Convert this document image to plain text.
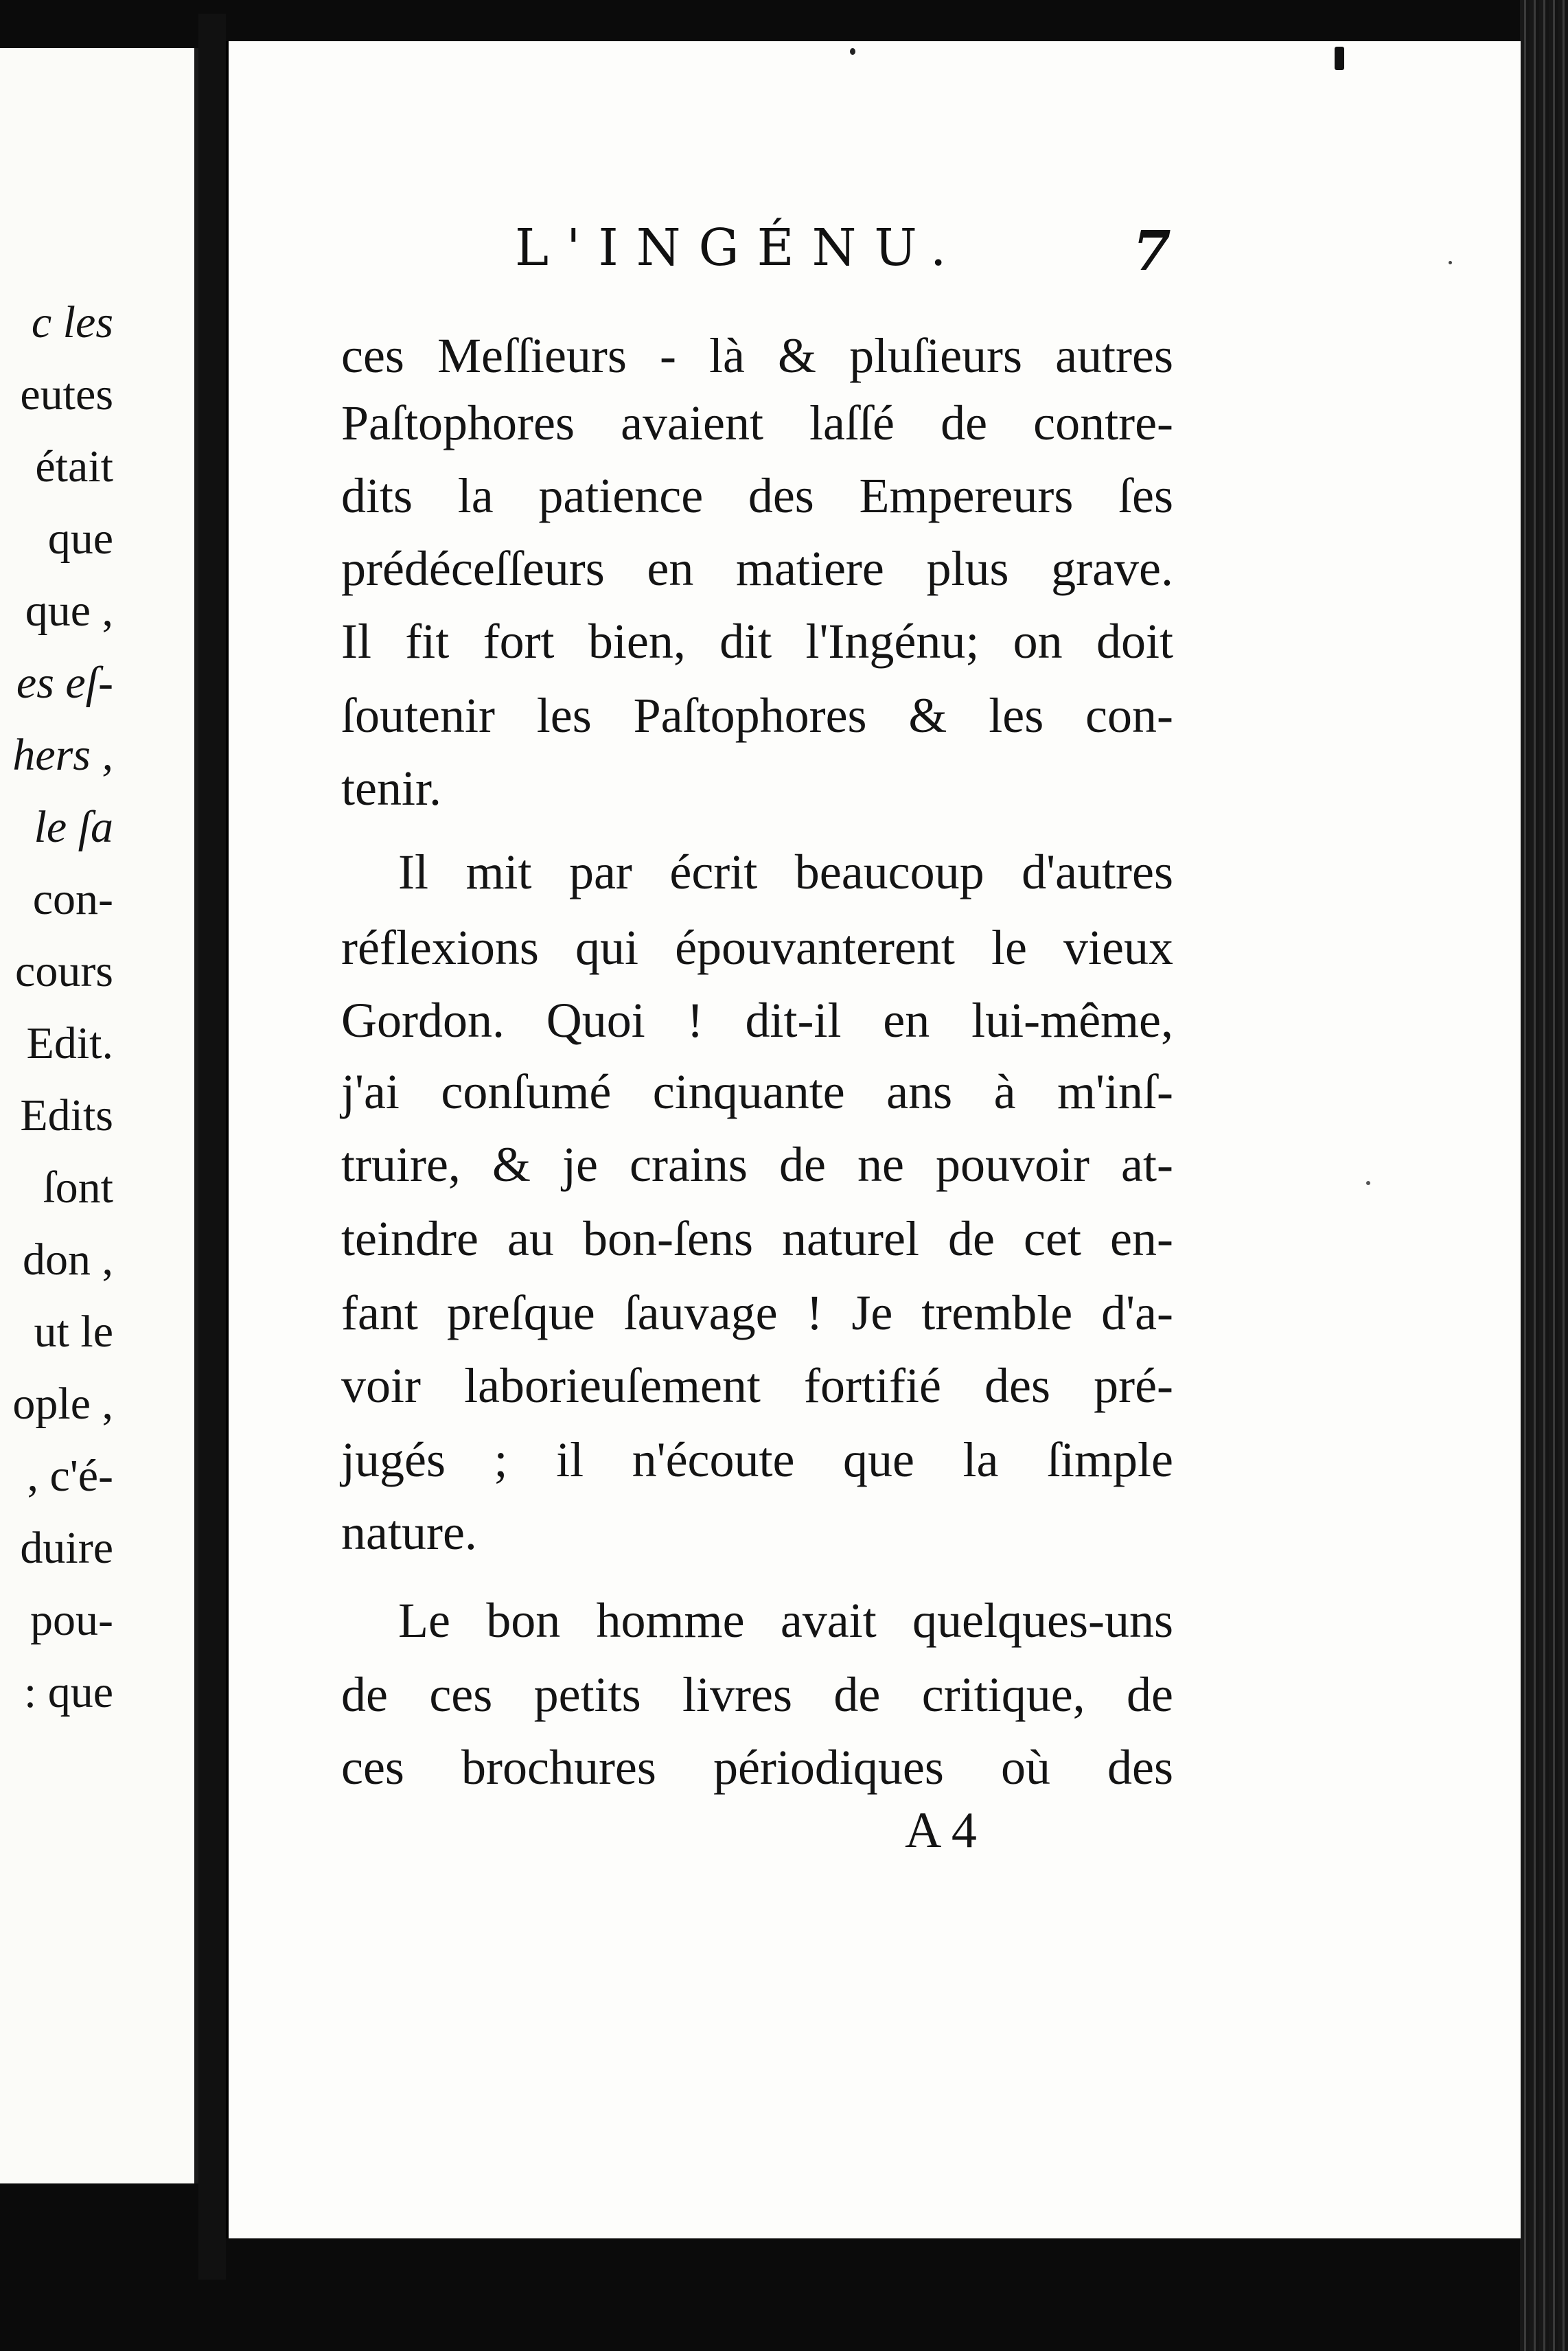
c les
eutes
était
que
que ,
es eſ-
hers ,
le ſa
con-
cours
Edit.
Edits
ſont
don ,
ut le
ople ,
, c'é-
duire
pou-
: que
L'INGÉNU.	7
ces Meſſieurs - là & pluſieurs autres
Paſtophores avaient laſſé de contre-
dits la patience des Empereurs ſes
prédéceſſeurs en matiere plus grave.
Il fit fort bien, dit l'Ingénu; on doit
ſoutenir les Paſtophores & les con-
tenir.
Il mit par écrit beaucoup d'autres
réflexions qui épouvanterent le vieux
Gordon. Quoi ! dit-il en lui-même,
j'ai conſumé cinquante ans à m'inſ-
truire, & je crains de ne pouvoir at-
teindre au bon-ſens naturel de cet en-
fant preſque ſauvage ! Je tremble d'a-
voir laborieuſement fortifié des pré-
jugés ; il n'écoute que la ſimple
nature.
Le bon homme avait quelques-uns
de ces petits livres de critique, de
ces brochures périodiques où des
A 4
